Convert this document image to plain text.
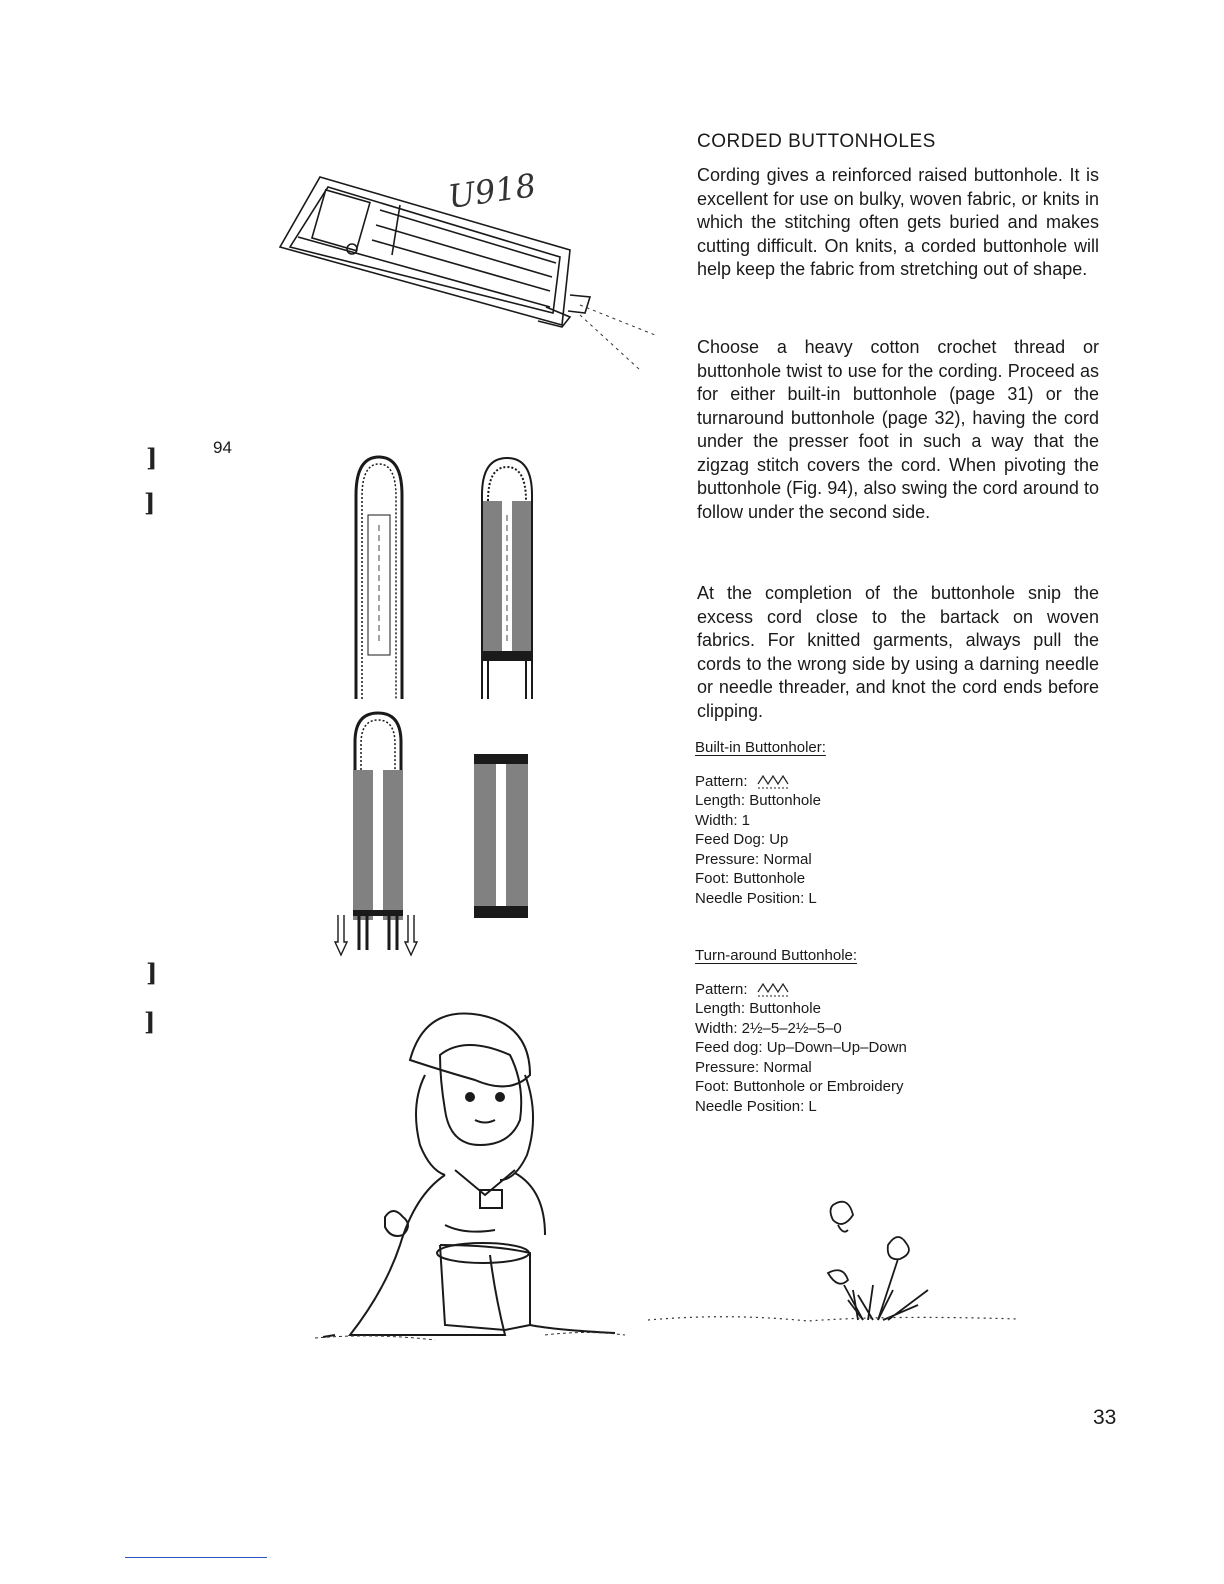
CORDED BUTTONHOLES

Cording gives a reinforced raised buttonhole. It is excellent for use on bulky, woven fabric, or knits in which the stitching often gets buried and makes cutting difficult. On knits, a corded buttonhole will help keep the fabric from stretching out of shape.

Choose a heavy cotton crochet thread or buttonhole twist to use for the cording. Proceed as for either built-in buttonhole (page 31) or the turnaround buttonhole (page 32), having the cord under the presser foot in such a way that the zigzag stitch covers the cord. When pivoting the buttonhole (Fig. 94), also swing the cord around to follow under the second side.

At the completion of the buttonhole snip the excess cord close to the bartack on woven fabrics. For knitted garments, always pull the cords to the wrong side by using a darning needle or needle threader, and knot the cord ends before clipping.

Built-in Buttonholer:
Pattern:
Length: Buttonhole
Width: 1
Feed Dog: Up
Pressure: Normal
Foot: Buttonhole
Needle Position: L
Turn-around Buttonhole:
Pattern:
Length: Buttonhole
Width: 2½–5–2½–5–0
Feed dog: Up–Down–Up–Down
Pressure: Normal
Foot: Buttonhole or Embroidery
Needle Position: L
94
33
]
]
]
]
U918
